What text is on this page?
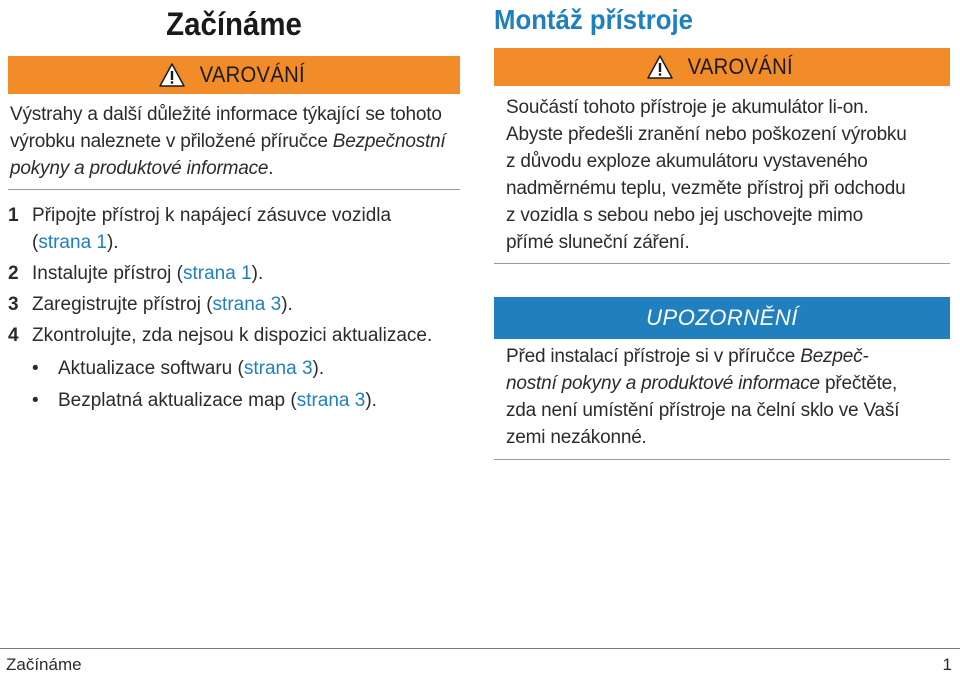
Začínáme
VAROVÁNÍ

Výstrahy a další důležité informace týkající se tohoto výrobku naleznete v přiložené příručce Bezpečnostní pokyny a produktové informace.

1 Připojte přístroj k napájecí zásuvce vozidla
(strana 1).
2 Instalujte přístroj (strana 1).
3 Zaregistrujte přístroj (strana 3).
4 Zkontrolujte, zda nejsou k dispozici aktualizace.
• Aktualizace softwaru (strana 3).
• Bezplatná aktualizace map (strana 3).
Montáž přístroje
VAROVÁNÍ
Součástí tohoto přístroje je akumulátor li-on.
Abyste předešli zranění nebo poškození výrobku
z důvodu exploze akumulátoru vystaveného
nadměrnému teplu, vezměte přístroj při odchodu
z vozidla s sebou nebo jej uschovejte mimo
přímé sluneční záření.
UPOZORNĚNÍ
Před instalací přístroje si v příručce Bezpeč-
nostní pokyny a produktové informace přečtěte,
zda není umístění přístroje na čelní sklo ve Vaší
zemi nezákonné.
Začínáme	1
